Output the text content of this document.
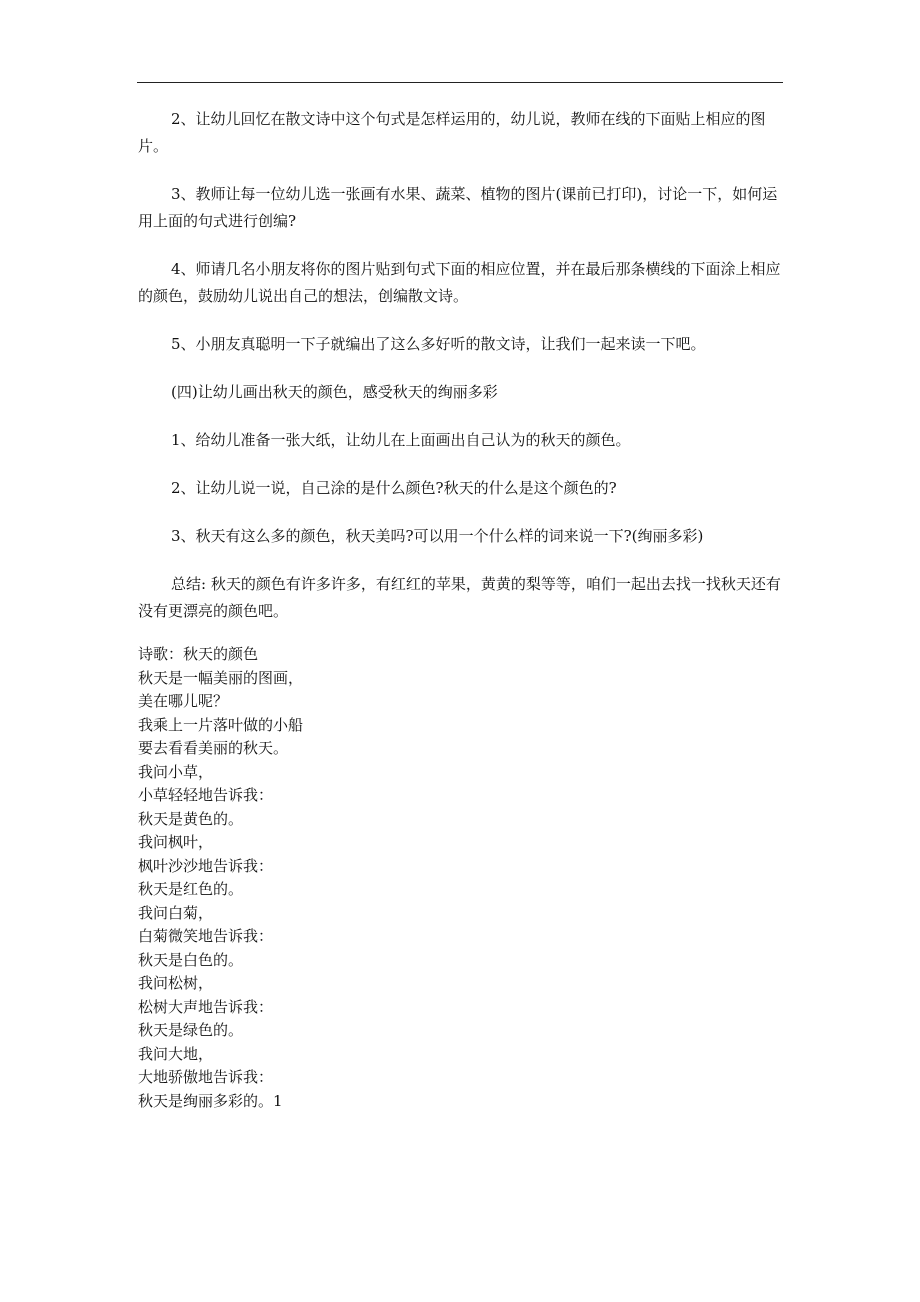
2、让幼儿回忆在散文诗中这个句式是怎样运用的，幼儿说，教师在线的下面贴上相应的图片。

3、教师让每一位幼儿选一张画有水果、蔬菜、植物的图片(课前已打印)，讨论一下，如何运用上面的句式进行创编?

4、师请几名小朋友将你的图片贴到句式下面的相应位置，并在最后那条横线的下面涂上相应的颜色，鼓励幼儿说出自己的想法，创编散文诗。

5、小朋友真聪明一下子就编出了这么多好听的散文诗，让我们一起来读一下吧。

(四)让幼儿画出秋天的颜色，感受秋天的绚丽多彩

1、给幼儿准备一张大纸，让幼儿在上面画出自己认为的秋天的颜色。

2、让幼儿说一说，自己涂的是什么颜色?秋天的什么是这个颜色的?

3、秋天有这么多的颜色，秋天美吗?可以用一个什么样的词来说一下?(绚丽多彩)

总结: 秋天的颜色有许多许多，有红红的苹果，黄黄的梨等等，咱们一起出去找一找秋天还有没有更漂亮的颜色吧。

诗歌：秋天的颜色

秋天是一幅美丽的图画，

美在哪儿呢？

我乘上一片落叶做的小船

要去看看美丽的秋天。

我问小草，

小草轻轻地告诉我：

秋天是黄色的。

我问枫叶，

枫叶沙沙地告诉我：

秋天是红色的。

我问白菊，

白菊微笑地告诉我：

秋天是白色的。

我问松树，

松树大声地告诉我：

秋天是绿色的。

我问大地，

大地骄傲地告诉我：

秋天是绚丽多彩的。1
